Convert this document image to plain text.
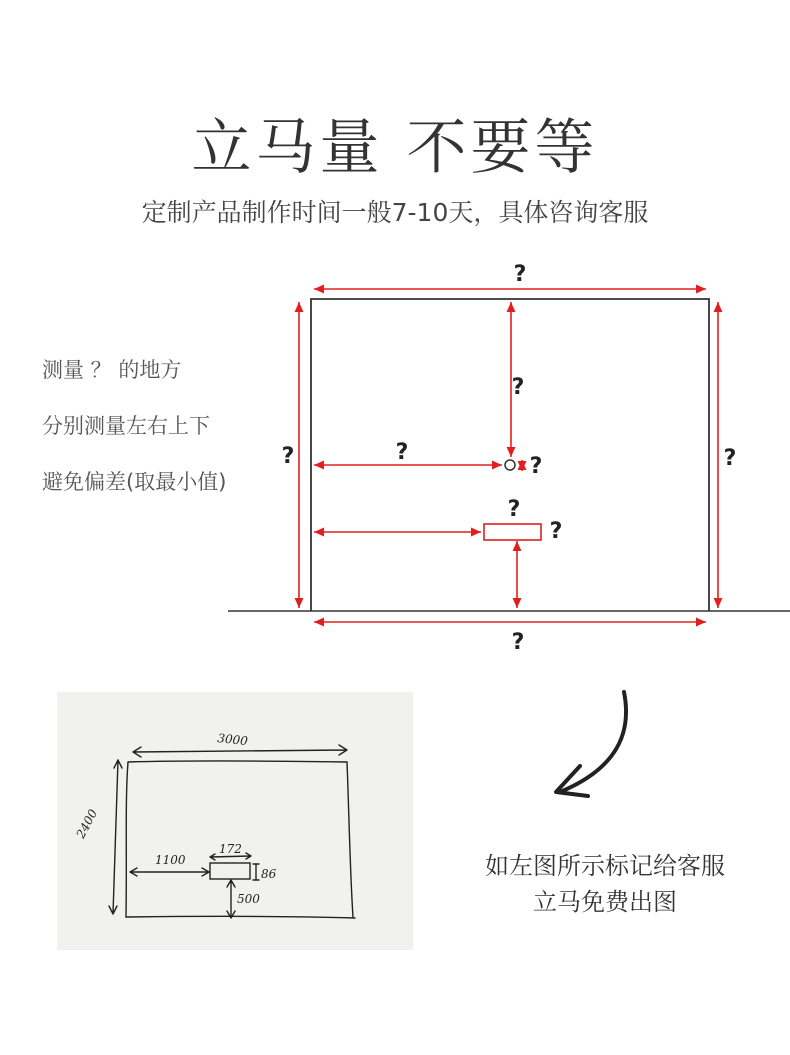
立马量 不要等
定制产品制作时间一般7-10天，具体咨询客服
测量 ？ 的地方
分别测量左右上下
避免偏差(取最小值)
?
?
?	?
?	?
?
?
?
3000
2400
1100
172
86
500
如左图所示标记给客服
立马免费出图
